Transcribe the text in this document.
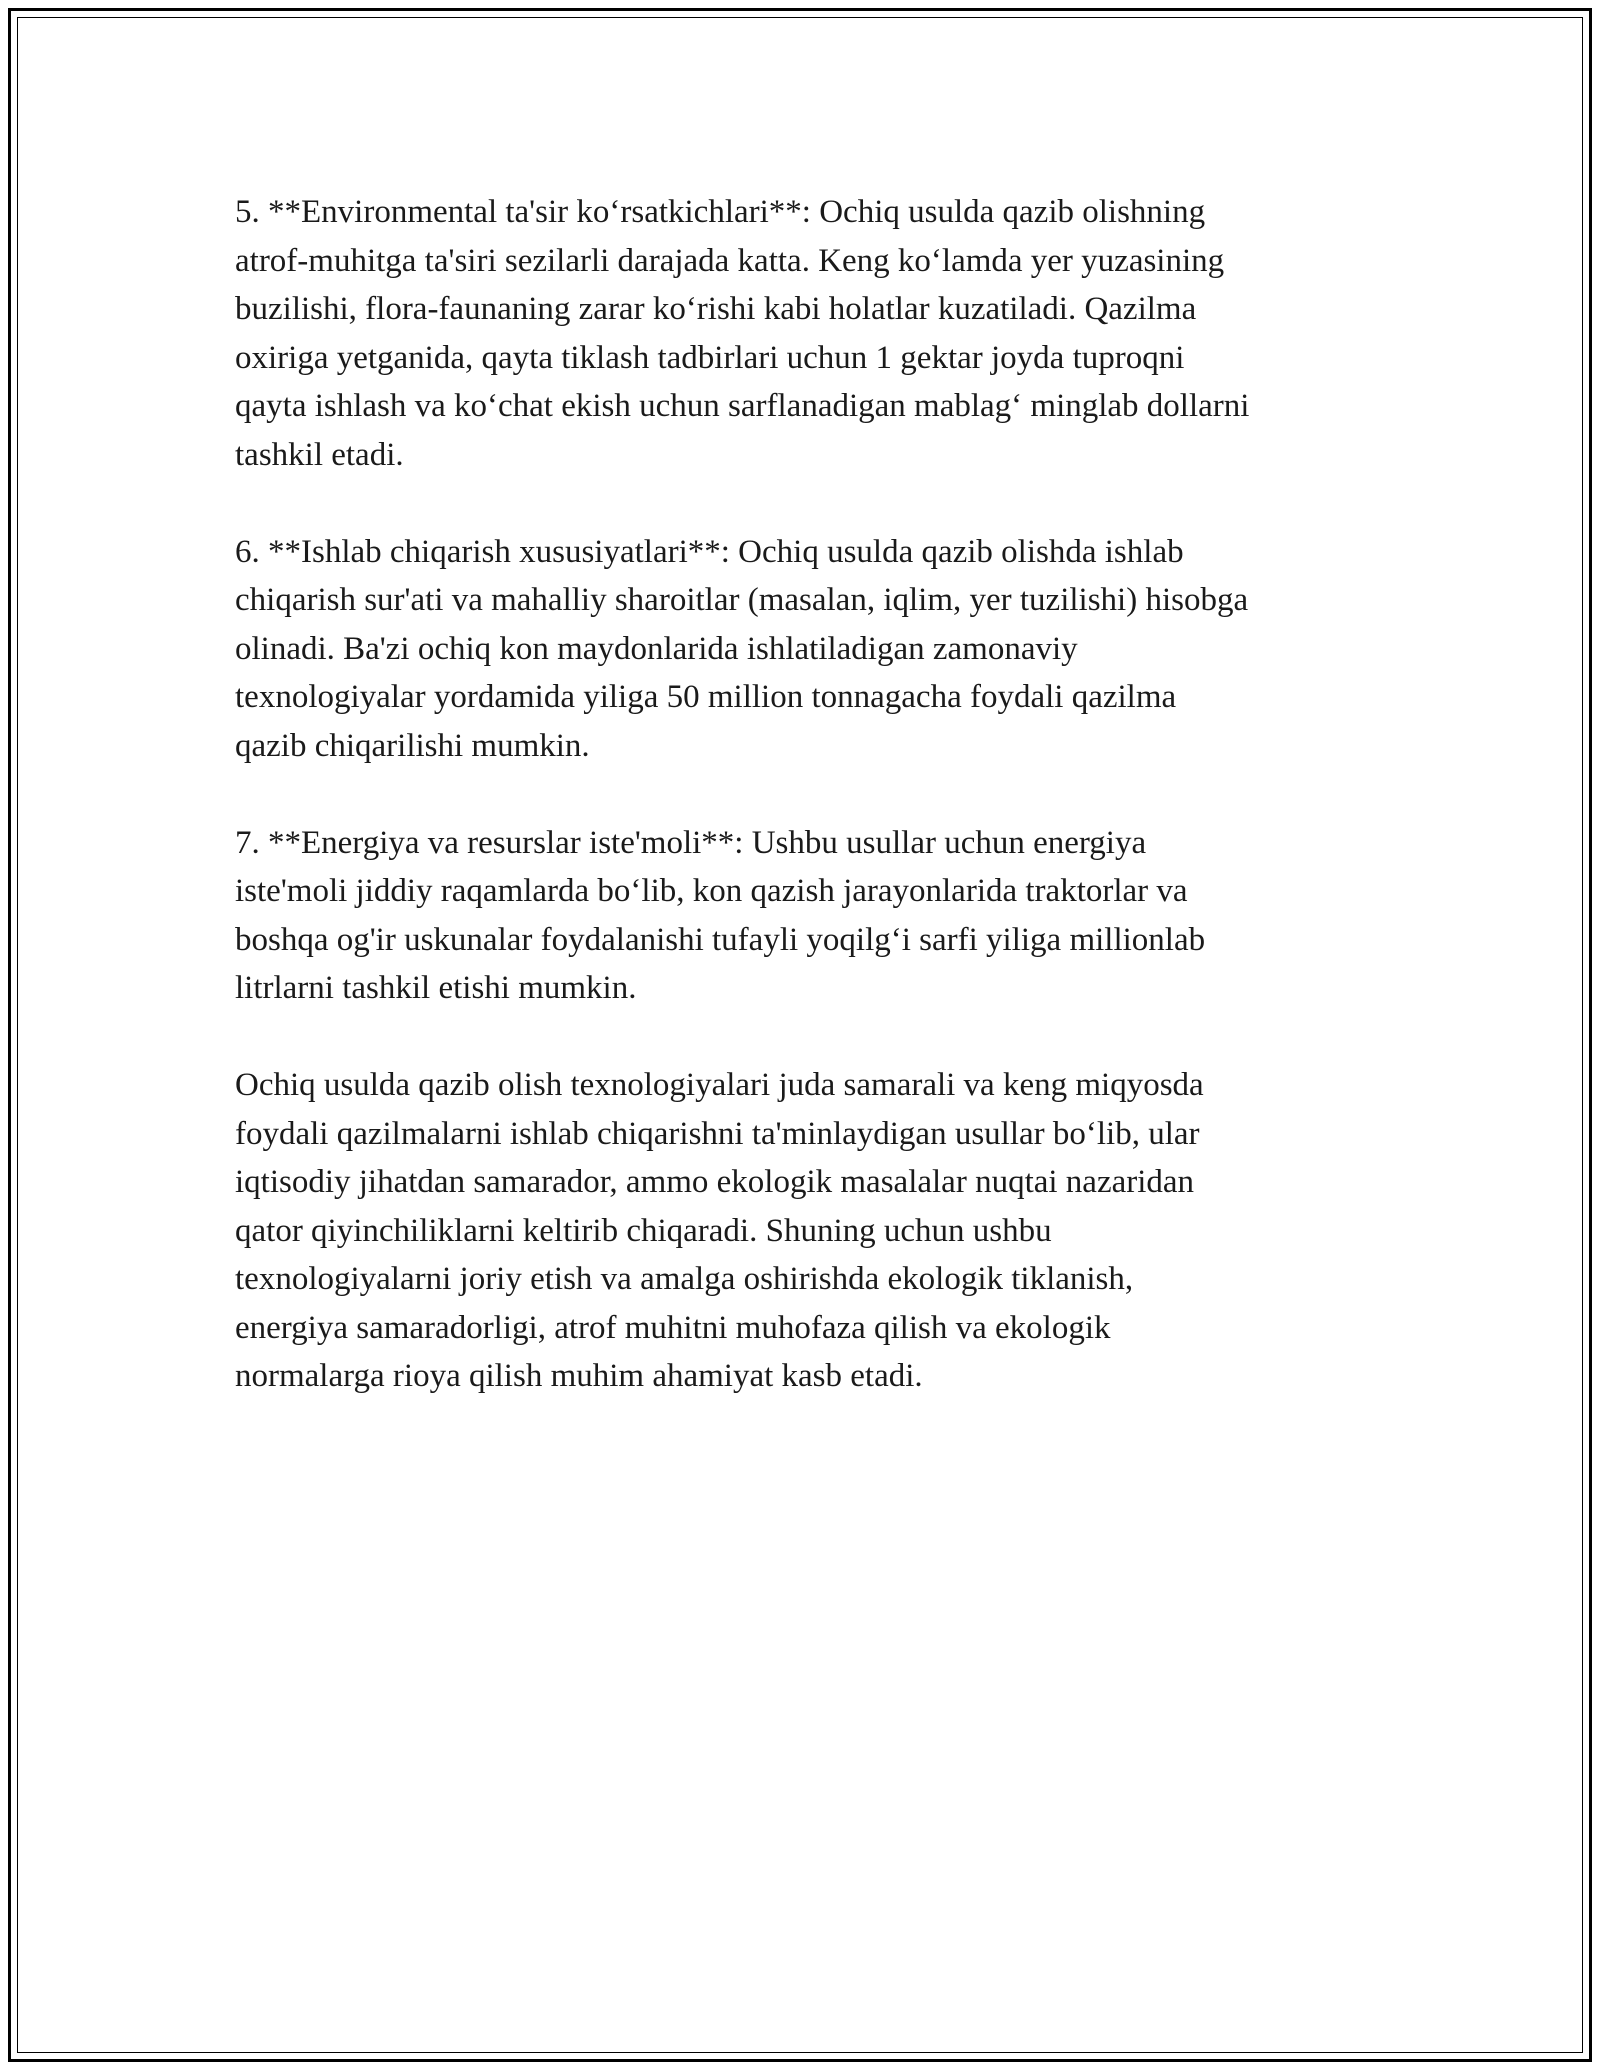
5. **Environmental ta'sir koʻrsatkichlari**: Ochiq usulda qazib olishning
atrof-muhitga ta'siri sezilarli darajada katta. Keng koʻlamda yer yuzasining
buzilishi, flora-faunaning zarar koʻrishi kabi holatlar kuzatiladi. Qazilma
oxiriga yetganida, qayta tiklash tadbirlari uchun 1 gektar joyda tuproqni
qayta ishlash va koʻchat ekish uchun sarflanadigan mablagʻ minglab dollarni
tashkil etadi.

6. **Ishlab chiqarish xususiyatlari**: Ochiq usulda qazib olishda ishlab
chiqarish sur'ati va mahalliy sharoitlar (masalan, iqlim, yer tuzilishi) hisobga
olinadi. Ba'zi ochiq kon maydonlarida ishlatiladigan zamonaviy
texnologiyalar yordamida yiliga 50 million tonnagacha foydali qazilma
qazib chiqarilishi mumkin.

7. **Energiya va resurslar iste'moli**: Ushbu usullar uchun energiya
iste'moli jiddiy raqamlarda boʻlib, kon qazish jarayonlarida traktorlar va
boshqa og'ir uskunalar foydalanishi tufayli yoqilgʻi sarfi yiliga millionlab
litrlarni tashkil etishi mumkin.

Ochiq usulda qazib olish texnologiyalari juda samarali va keng miqyosda
foydali qazilmalarni ishlab chiqarishni ta'minlaydigan usullar boʻlib, ular
iqtisodiy jihatdan samarador, ammo ekologik masalalar nuqtai nazaridan
qator qiyinchiliklarni keltirib chiqaradi. Shuning uchun ushbu
texnologiyalarni joriy etish va amalga oshirishda ekologik tiklanish,
energiya samaradorligi, atrof muhitni muhofaza qilish va ekologik
normalarga rioya qilish muhim ahamiyat kasb etadi.
